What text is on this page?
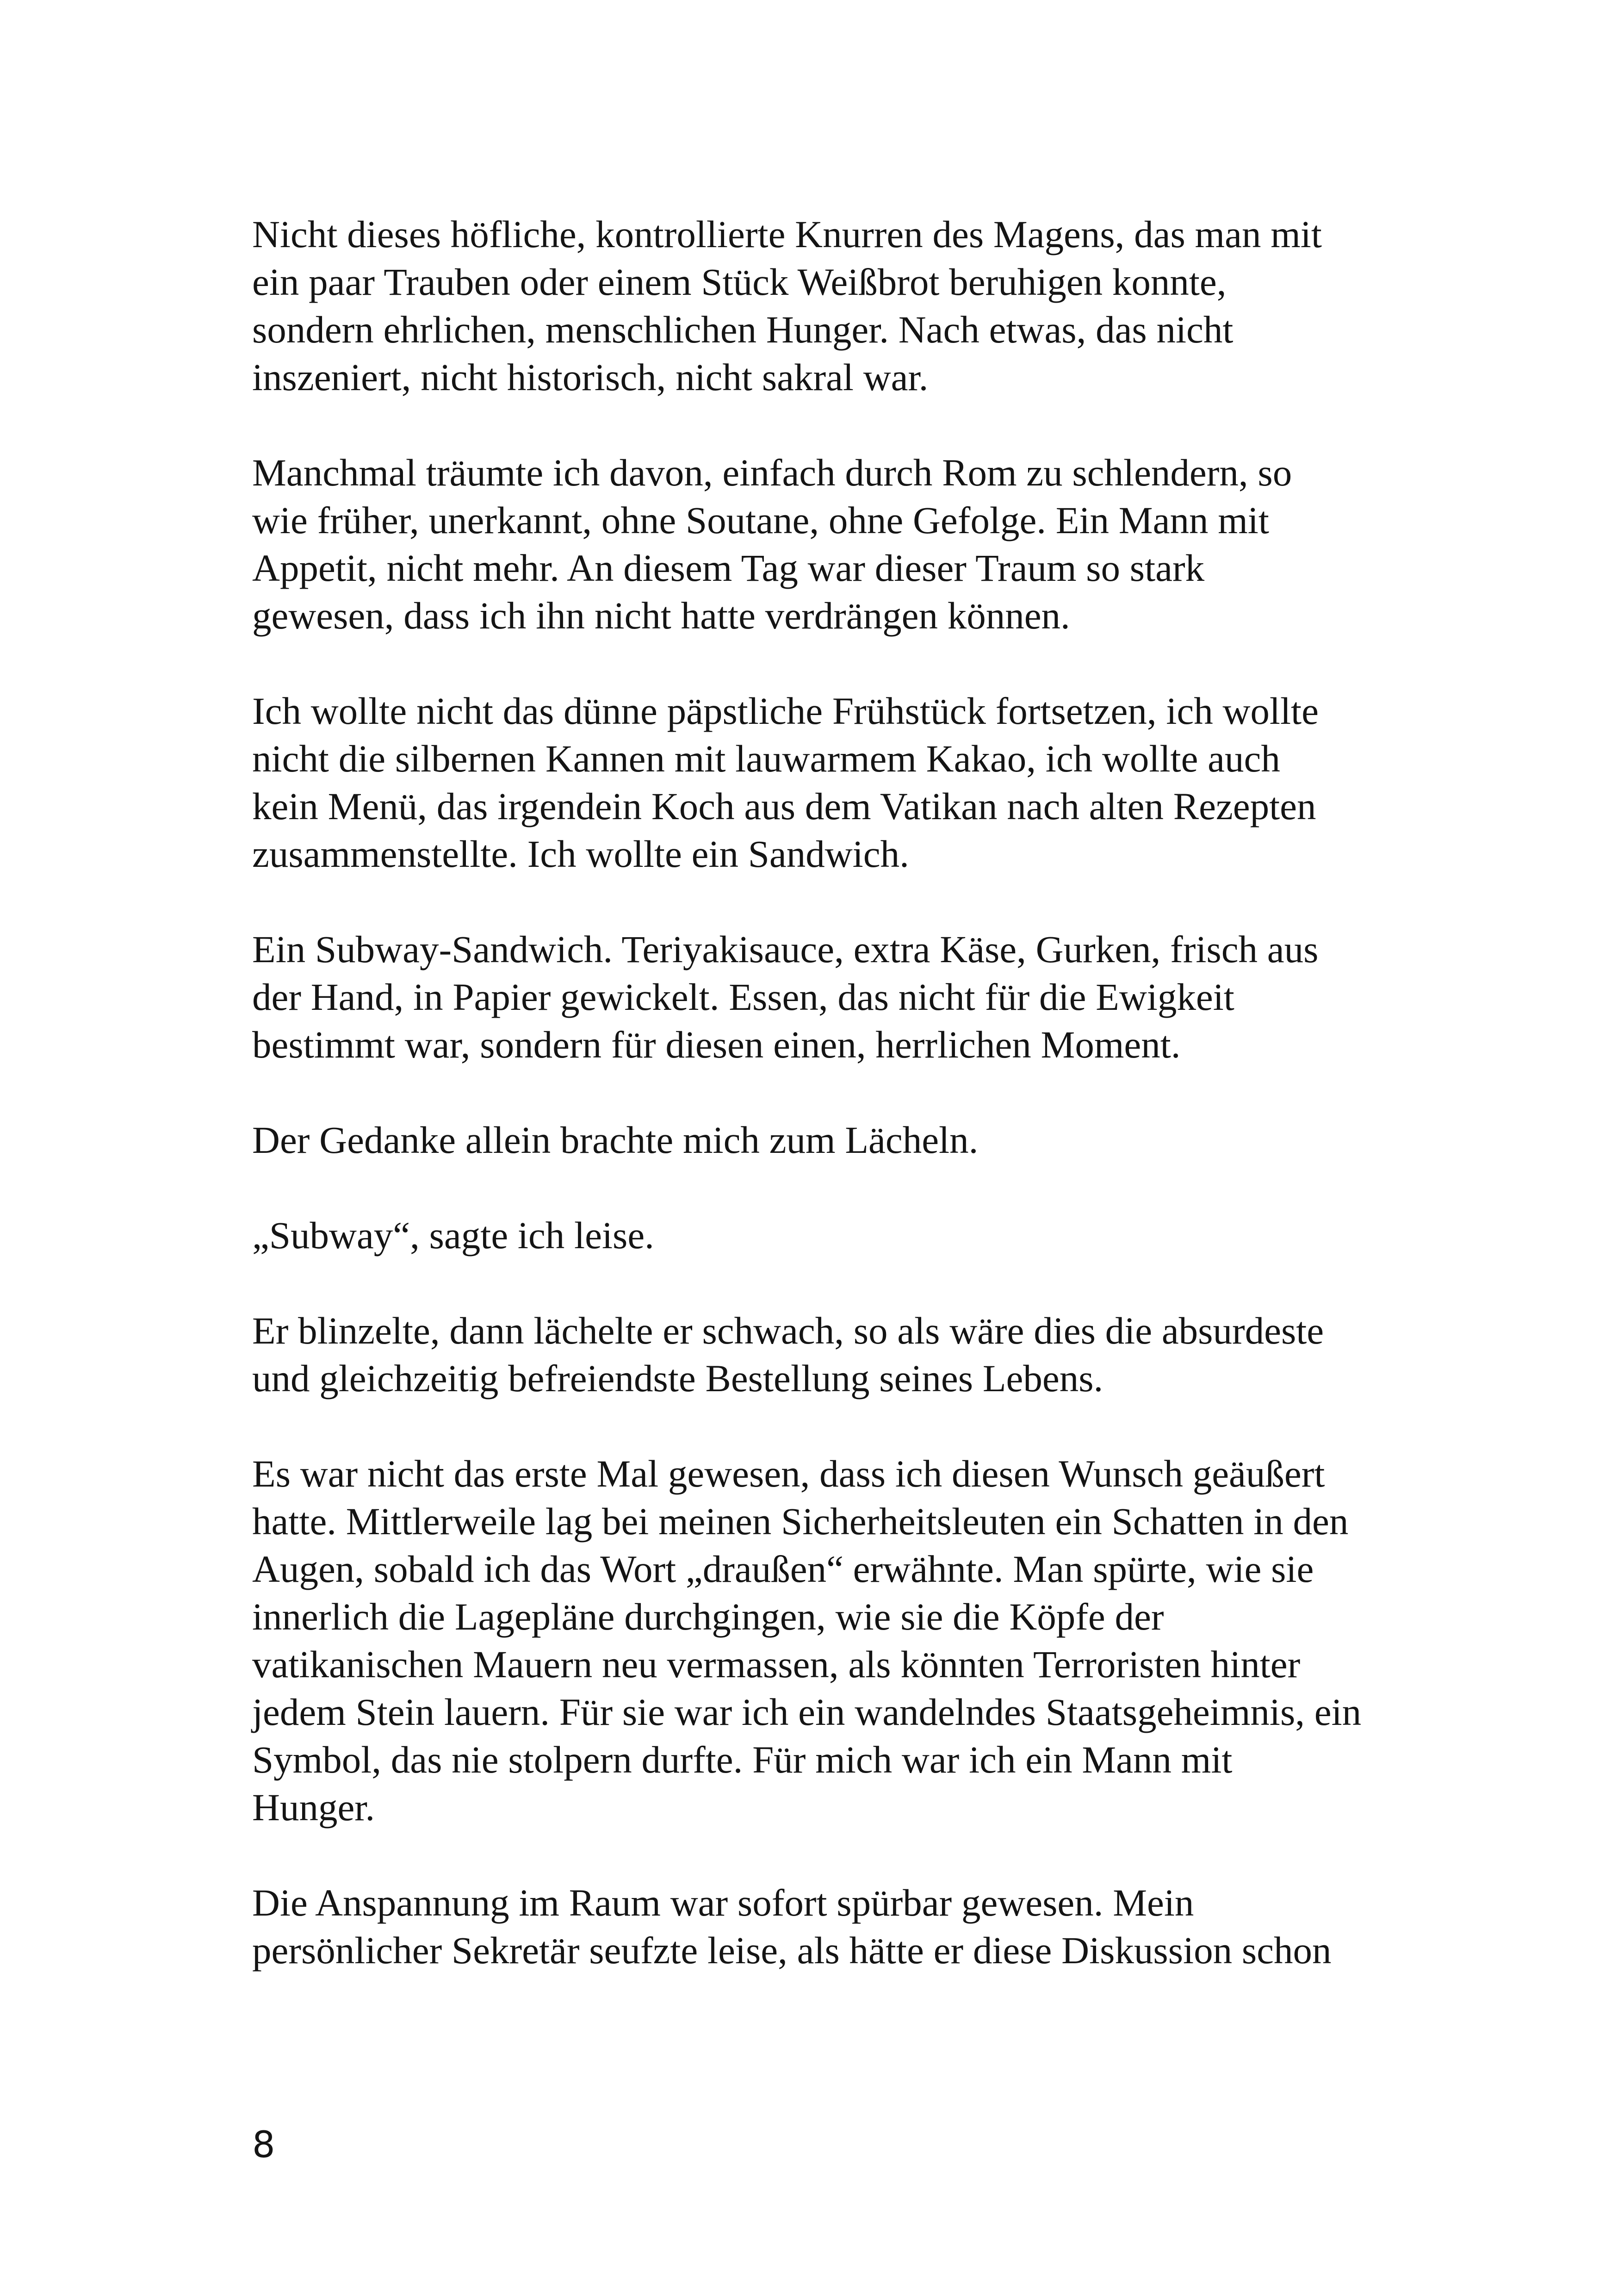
Nicht dieses höfliche, kontrollierte Knurren des Magens, das man mit
ein paar Trauben oder einem Stück Weißbrot beruhigen konnte,
sondern ehrlichen, menschlichen Hunger. Nach etwas, das nicht
inszeniert, nicht historisch, nicht sakral war.

Manchmal träumte ich davon, einfach durch Rom zu schlendern, so
wie früher, unerkannt, ohne Soutane, ohne Gefolge. Ein Mann mit
Appetit, nicht mehr. An diesem Tag war dieser Traum so stark
gewesen, dass ich ihn nicht hatte verdrängen können.

Ich wollte nicht das dünne päpstliche Frühstück fortsetzen, ich wollte
nicht die silbernen Kannen mit lauwarmem Kakao, ich wollte auch
kein Menü, das irgendein Koch aus dem Vatikan nach alten Rezepten
zusammenstellte. Ich wollte ein Sandwich.

Ein Subway-Sandwich. Teriyakisauce, extra Käse, Gurken, frisch aus
der Hand, in Papier gewickelt. Essen, das nicht für die Ewigkeit
bestimmt war, sondern für diesen einen, herrlichen Moment.

Der Gedanke allein brachte mich zum Lächeln.

„Subway“, sagte ich leise.

Er blinzelte, dann lächelte er schwach, so als wäre dies die absurdeste
und gleichzeitig befreiendste Bestellung seines Lebens.

Es war nicht das erste Mal gewesen, dass ich diesen Wunsch geäußert
hatte. Mittlerweile lag bei meinen Sicherheitsleuten ein Schatten in den
Augen, sobald ich das Wort „draußen“ erwähnte. Man spürte, wie sie
innerlich die Lagepläne durchgingen, wie sie die Köpfe der
vatikanischen Mauern neu vermassen, als könnten Terroristen hinter
jedem Stein lauern. Für sie war ich ein wandelndes Staatsgeheimnis, ein
Symbol, das nie stolpern durfte. Für mich war ich ein Mann mit
Hunger.

Die Anspannung im Raum war sofort spürbar gewesen. Mein
persönlicher Sekretär seufzte leise, als hätte er diese Diskussion schon

8
